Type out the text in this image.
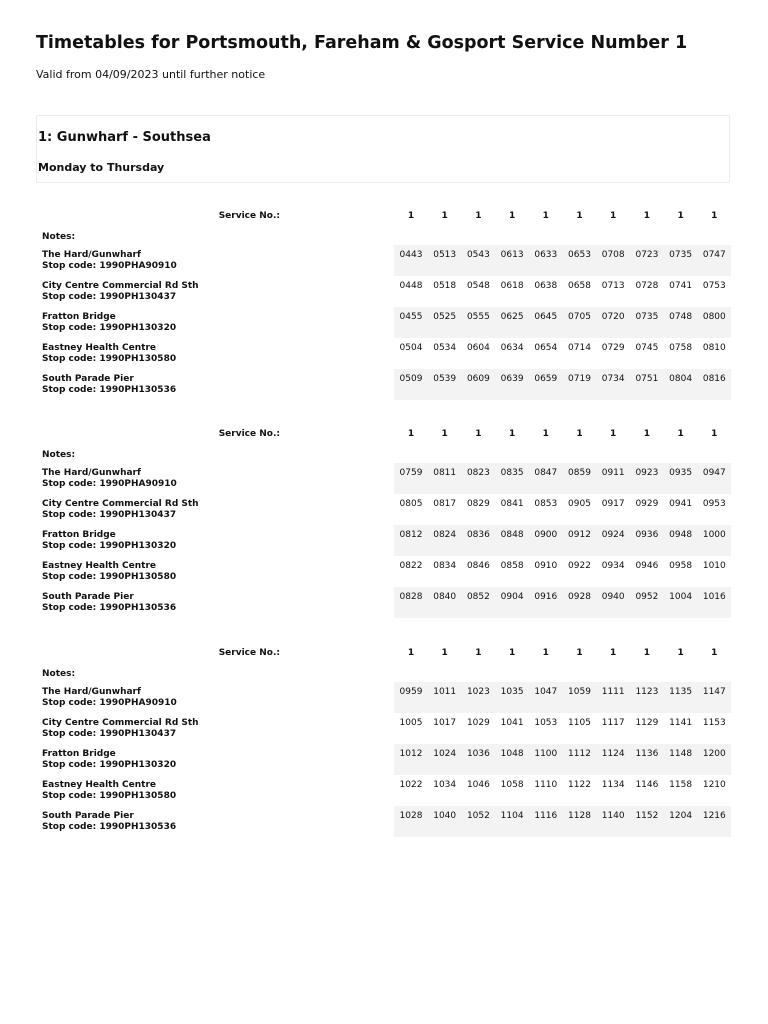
Timetables for Portsmouth, Fareham & Gosport Service Number 1

Valid from 04/09/2023 until further notice

1: Gunwharf - Southsea
Monday to Thursday
Service No.:	1	1	1	1	1	1	1	1	1	1
Notes:
The Hard/Gunwharf
Stop code: 1990PHA90910
0443	0513	0543	0613	0633	0653	0708	0723	0735	0747
City Centre Commercial Rd Sth
Stop code: 1990PH130437
0448	0518	0548	0618	0638	0658	0713	0728	0741	0753
Fratton Bridge
Stop code: 1990PH130320
0455	0525	0555	0625	0645	0705	0720	0735	0748	0800
Eastney Health Centre
Stop code: 1990PH130580
0504	0534	0604	0634	0654	0714	0729	0745	0758	0810
South Parade Pier
Stop code: 1990PH130536
0509	0539	0609	0639	0659	0719	0734	0751	0804	0816
Service No.:	1	1	1	1	1	1	1	1	1	1
Notes:
The Hard/Gunwharf
Stop code: 1990PHA90910
0759	0811	0823	0835	0847	0859	0911	0923	0935	0947
City Centre Commercial Rd Sth
Stop code: 1990PH130437
0805	0817	0829	0841	0853	0905	0917	0929	0941	0953
Fratton Bridge
Stop code: 1990PH130320
0812	0824	0836	0848	0900	0912	0924	0936	0948	1000
Eastney Health Centre
Stop code: 1990PH130580
0822	0834	0846	0858	0910	0922	0934	0946	0958	1010
South Parade Pier
Stop code: 1990PH130536
0828	0840	0852	0904	0916	0928	0940	0952	1004	1016
Service No.:	1	1	1	1	1	1	1	1	1	1
Notes:
The Hard/Gunwharf
Stop code: 1990PHA90910
0959	1011	1023	1035	1047	1059	1111	1123	1135	1147
City Centre Commercial Rd Sth
Stop code: 1990PH130437
1005	1017	1029	1041	1053	1105	1117	1129	1141	1153
Fratton Bridge
Stop code: 1990PH130320
1012	1024	1036	1048	1100	1112	1124	1136	1148	1200
Eastney Health Centre
Stop code: 1990PH130580
1022	1034	1046	1058	1110	1122	1134	1146	1158	1210
South Parade Pier
Stop code: 1990PH130536
1028	1040	1052	1104	1116	1128	1140	1152	1204	1216
